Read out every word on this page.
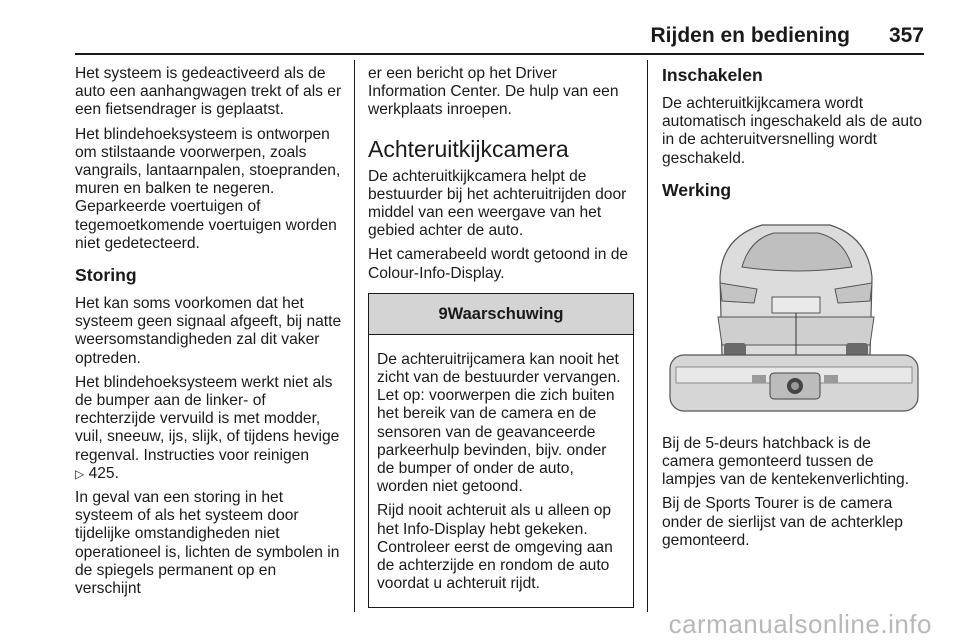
Rijden en bediening 357

Het systeem is gedeactiveerd als de auto een aanhangwagen trekt of als er een fietsendrager is geplaatst.

Het blindehoeksysteem is ontworpen om stilstaande voorwerpen, zoals vangrails, lantaarnpalen, stoepranden, muren en balken te negeren. Geparkeerde voertuigen of tegemoetkomende voertuigen worden niet gedetecteerd.

Storing

Het kan soms voorkomen dat het systeem geen signaal afgeeft, bij natte weersomstandigheden zal dit vaker optreden.

Het blindehoeksysteem werkt niet als de bumper aan de linker- of rechterzijde vervuild is met modder, vuil, sneeuw, ijs, slijk, of tijdens hevige regenval. Instructies voor reinigen
▷ 425.

In geval van een storing in het systeem of als het systeem door tijdelijke omstandigheden niet operationeel is, lichten de symbolen in de spiegels permanent op en verschijnt

er een bericht op het Driver Information Center. De hulp van een werkplaats inroepen.

Achteruitkijkcamera

De achteruitkijkcamera helpt de bestuurder bij het achteruitrijden door middel van een weergave van het gebied achter de auto.

Het camerabeeld wordt getoond in de Colour-Info-Display.

9Waarschuwing

De achteruitrijcamera kan nooit het zicht van de bestuurder vervangen. Let op: voorwerpen die zich buiten het bereik van de camera en de sensoren van de geavanceerde parkeerhulp bevinden, bijv. onder de bumper of onder de auto, worden niet getoond.

Rijd nooit achteruit als u alleen op het Info-Display hebt gekeken. Controleer eerst de omgeving aan de achterzijde en rondom de auto voordat u achteruit rijdt.

Inschakelen

De achteruitkijkcamera wordt automatisch ingeschakeld als de auto in de achteruitversnelling wordt geschakeld.

Werking

Bij de 5-deurs hatchback is de camera gemonteerd tussen de lampjes van de kentekenverlichting.

Bij de Sports Tourer is de camera onder de sierlijst van de achterklep gemonteerd.

carmanualsonline.info
